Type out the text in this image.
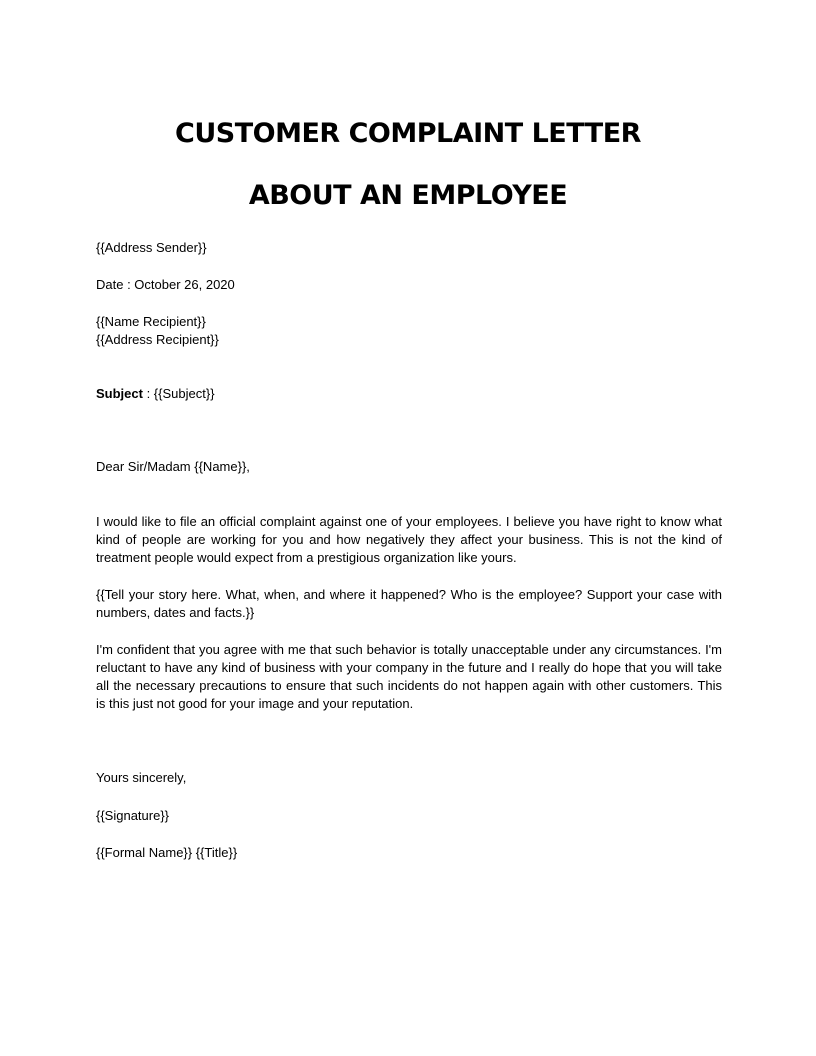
CUSTOMER COMPLAINT LETTER
ABOUT AN EMPLOYEE

{{Address Sender}}

Date : October 26, 2020

{{Name Recipient}}

{{Address Recipient}}

Subject : {{Subject}}

Dear Sir/Madam {{Name}},

I would like to file an official complaint against one of your employees. I believe you have right to know what kind of people are working for you and how negatively they affect your business. This is not the kind of treatment people would expect from a prestigious organization like yours.

{{Tell your story here. What, when, and where it happened? Who is the employee? Support your case with numbers, dates and facts.}}

I'm confident that you agree with me that such behavior is totally unacceptable under any circumstances. I'm reluctant to have any kind of business with your company in the future and I really do hope that you will take all the necessary precautions to ensure that such incidents do not happen again with other customers. This is this just not good for your image and your reputation.

Yours sincerely,

{{Signature}}

{{Formal Name}} {{Title}}
